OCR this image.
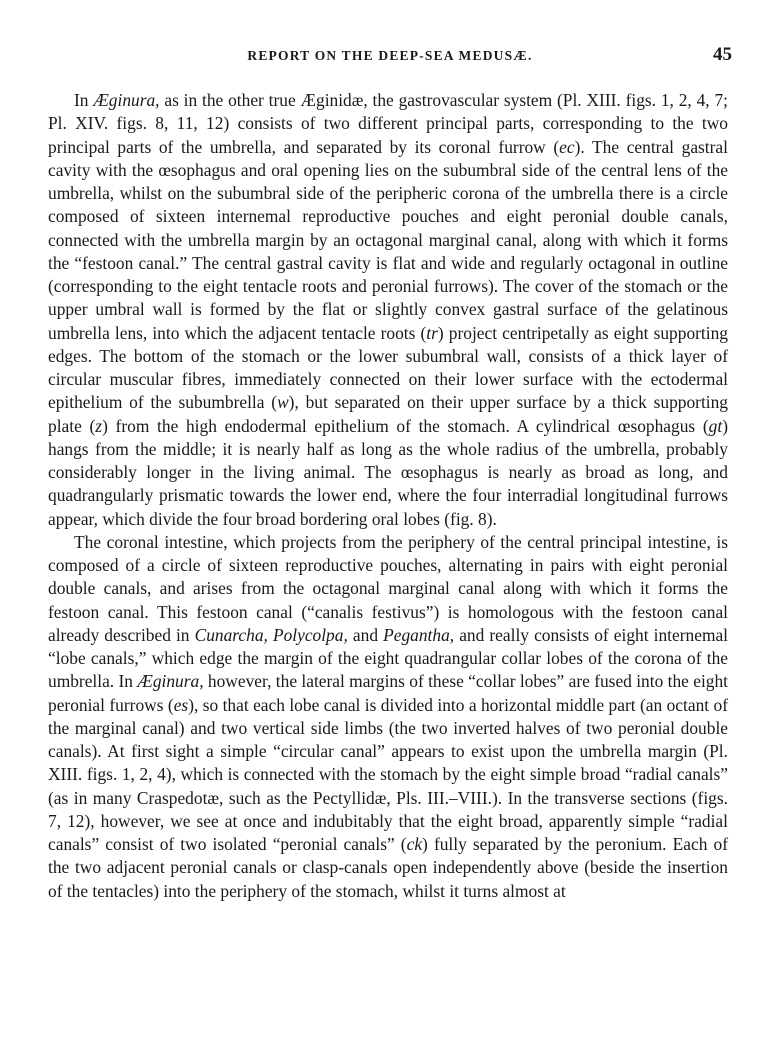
REPORT ON THE DEEP-SEA MEDUSÆ.	45

In Æginura, as in the other true Æginidæ, the gastrovascular system (Pl. XIII. figs. 1, 2, 4, 7; Pl. XIV. figs. 8, 11, 12) consists of two different principal parts, corresponding to the two principal parts of the umbrella, and separated by its coronal furrow (ec). The central gastral cavity with the œsophagus and oral opening lies on the subumbral side of the central lens of the umbrella, whilst on the subumbral side of the peripheric corona of the umbrella there is a circle composed of sixteen internemal reproductive pouches and eight peronial double canals, connected with the umbrella margin by an octagonal marginal canal, along with which it forms the “festoon canal.” The central gastral cavity is flat and wide and regularly octagonal in outline (corresponding to the eight tentacle roots and peronial furrows). The cover of the stomach or the upper umbral wall is formed by the flat or slightly convex gastral surface of the gelatinous umbrella lens, into which the adjacent tentacle roots (tr) project centripetally as eight supporting edges. The bottom of the stomach or the lower subumbral wall, consists of a thick layer of circular muscular fibres, immediately connected on their lower surface with the ectodermal epithelium of the subumbrella (w), but separated on their upper surface by a thick supporting plate (z) from the high endodermal epithelium of the stomach. A cylindrical œsophagus (gt) hangs from the middle; it is nearly half as long as the whole radius of the umbrella, probably considerably longer in the living animal. The œsophagus is nearly as broad as long, and quadrangularly prismatic towards the lower end, where the four interradial longitudinal furrows appear, which divide the four broad bordering oral lobes (fig. 8).

The coronal intestine, which projects from the periphery of the central principal intestine, is composed of a circle of sixteen reproductive pouches, alternating in pairs with eight peronial double canals, and arises from the octagonal marginal canal along with which it forms the festoon canal. This festoon canal (“canalis festivus”) is homologous with the festoon canal already described in Cunarcha, Polycolpa, and Pegantha, and really consists of eight internemal “lobe canals,” which edge the margin of the eight quadrangular collar lobes of the corona of the umbrella. In Æginura, however, the lateral margins of these “collar lobes” are fused into the eight peronial furrows (es), so that each lobe canal is divided into a horizontal middle part (an octant of the marginal canal) and two vertical side limbs (the two inverted halves of two peronial double canals). At first sight a simple “circular canal” appears to exist upon the umbrella margin (Pl. XIII. figs. 1, 2, 4), which is connected with the stomach by the eight simple broad “radial canals” (as in many Craspedotæ, such as the Pectyllidæ, Pls. III.–VIII.). In the transverse sections (figs. 7, 12), however, we see at once and indubitably that the eight broad, apparently simple “radial canals” consist of two isolated “peronial canals” (ck) fully separated by the peronium. Each of the two adjacent peronial canals or clasp-canals open independently above (beside the insertion of the tentacles) into the periphery of the stomach, whilst it turns almost at
